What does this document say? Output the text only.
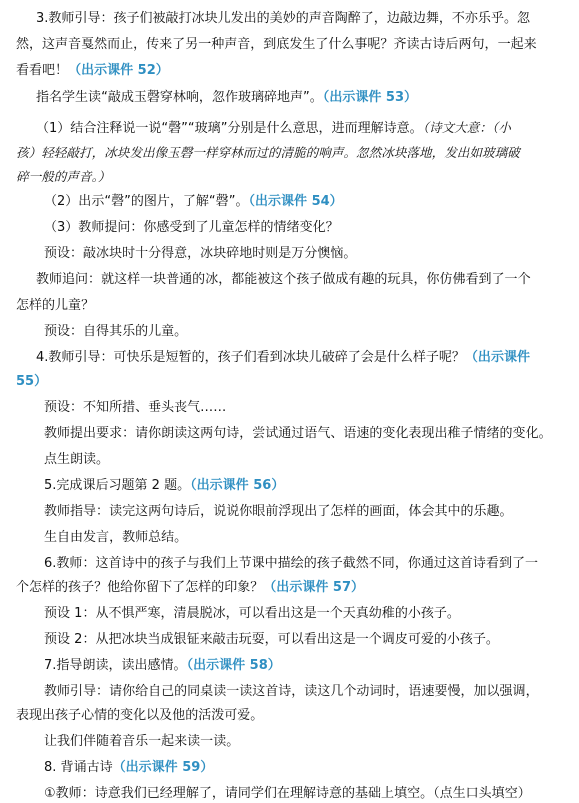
3.教师引导：孩子们被敲打冰块儿发出的美妙的声音陶醉了，边敲边舞，不亦乐乎。忽
然，这声音戛然而止，传来了另一种声音，到底发生了什么事呢？齐读古诗后两句，一起来
看看吧！（出示课件 52）
指名学生读“敲成玉磬穿林响，忽作玻璃碎地声”。（出示课件 53）
（1）结合注释说一说“磬”“玻璃”分别是什么意思，进而理解诗意。（诗文大意：（小
孩）轻轻敲打，冰块发出像玉磬一样穿林而过的清脆的响声。忽然冰块落地，发出如玻璃破
碎一般的声音。）
（2）出示“磬”的图片，了解“磬”。（出示课件 54）
（3）教师提问：你感受到了儿童怎样的情绪变化？
预设：敲冰块时十分得意，冰块碎地时则是万分懊恼。
教师追问：就这样一块普通的冰，都能被这个孩子做成有趣的玩具，你仿佛看到了一个
怎样的儿童？
预设：自得其乐的儿童。
4.教师引导：可快乐是短暂的，孩子们看到冰块儿破碎了会是什么样子呢？（出示课件
55）
预设：不知所措、垂头丧气……
教师提出要求：请你朗读这两句诗，尝试通过语气、语速的变化表现出稚子情绪的变化。
点生朗读。
5.完成课后习题第 2 题。（出示课件 56）
教师指导：读完这两句诗后，说说你眼前浮现出了怎样的画面，体会其中的乐趣。
生自由发言，教师总结。
6.教师：这首诗中的孩子与我们上节课中描绘的孩子截然不同，你通过这首诗看到了一
个怎样的孩子？他给你留下了怎样的印象？（出示课件 57）
预设 1：从不惧严寒，清晨脱冰，可以看出这是一个天真幼稚的小孩子。
预设 2：从把冰块当成银钲来敲击玩耍，可以看出这是一个调皮可爱的小孩子。
7.指导朗读，读出感情。（出示课件 58）
教师引导：请你给自己的同桌读一读这首诗，读这几个动词时，语速要慢，加以强调，
表现出孩子心情的变化以及他的活泼可爱。
让我们伴随着音乐一起来读一读。
8. 背诵古诗（出示课件 59）
①教师：诗意我们已经理解了，请同学们在理解诗意的基础上填空。（点生口头填空）
